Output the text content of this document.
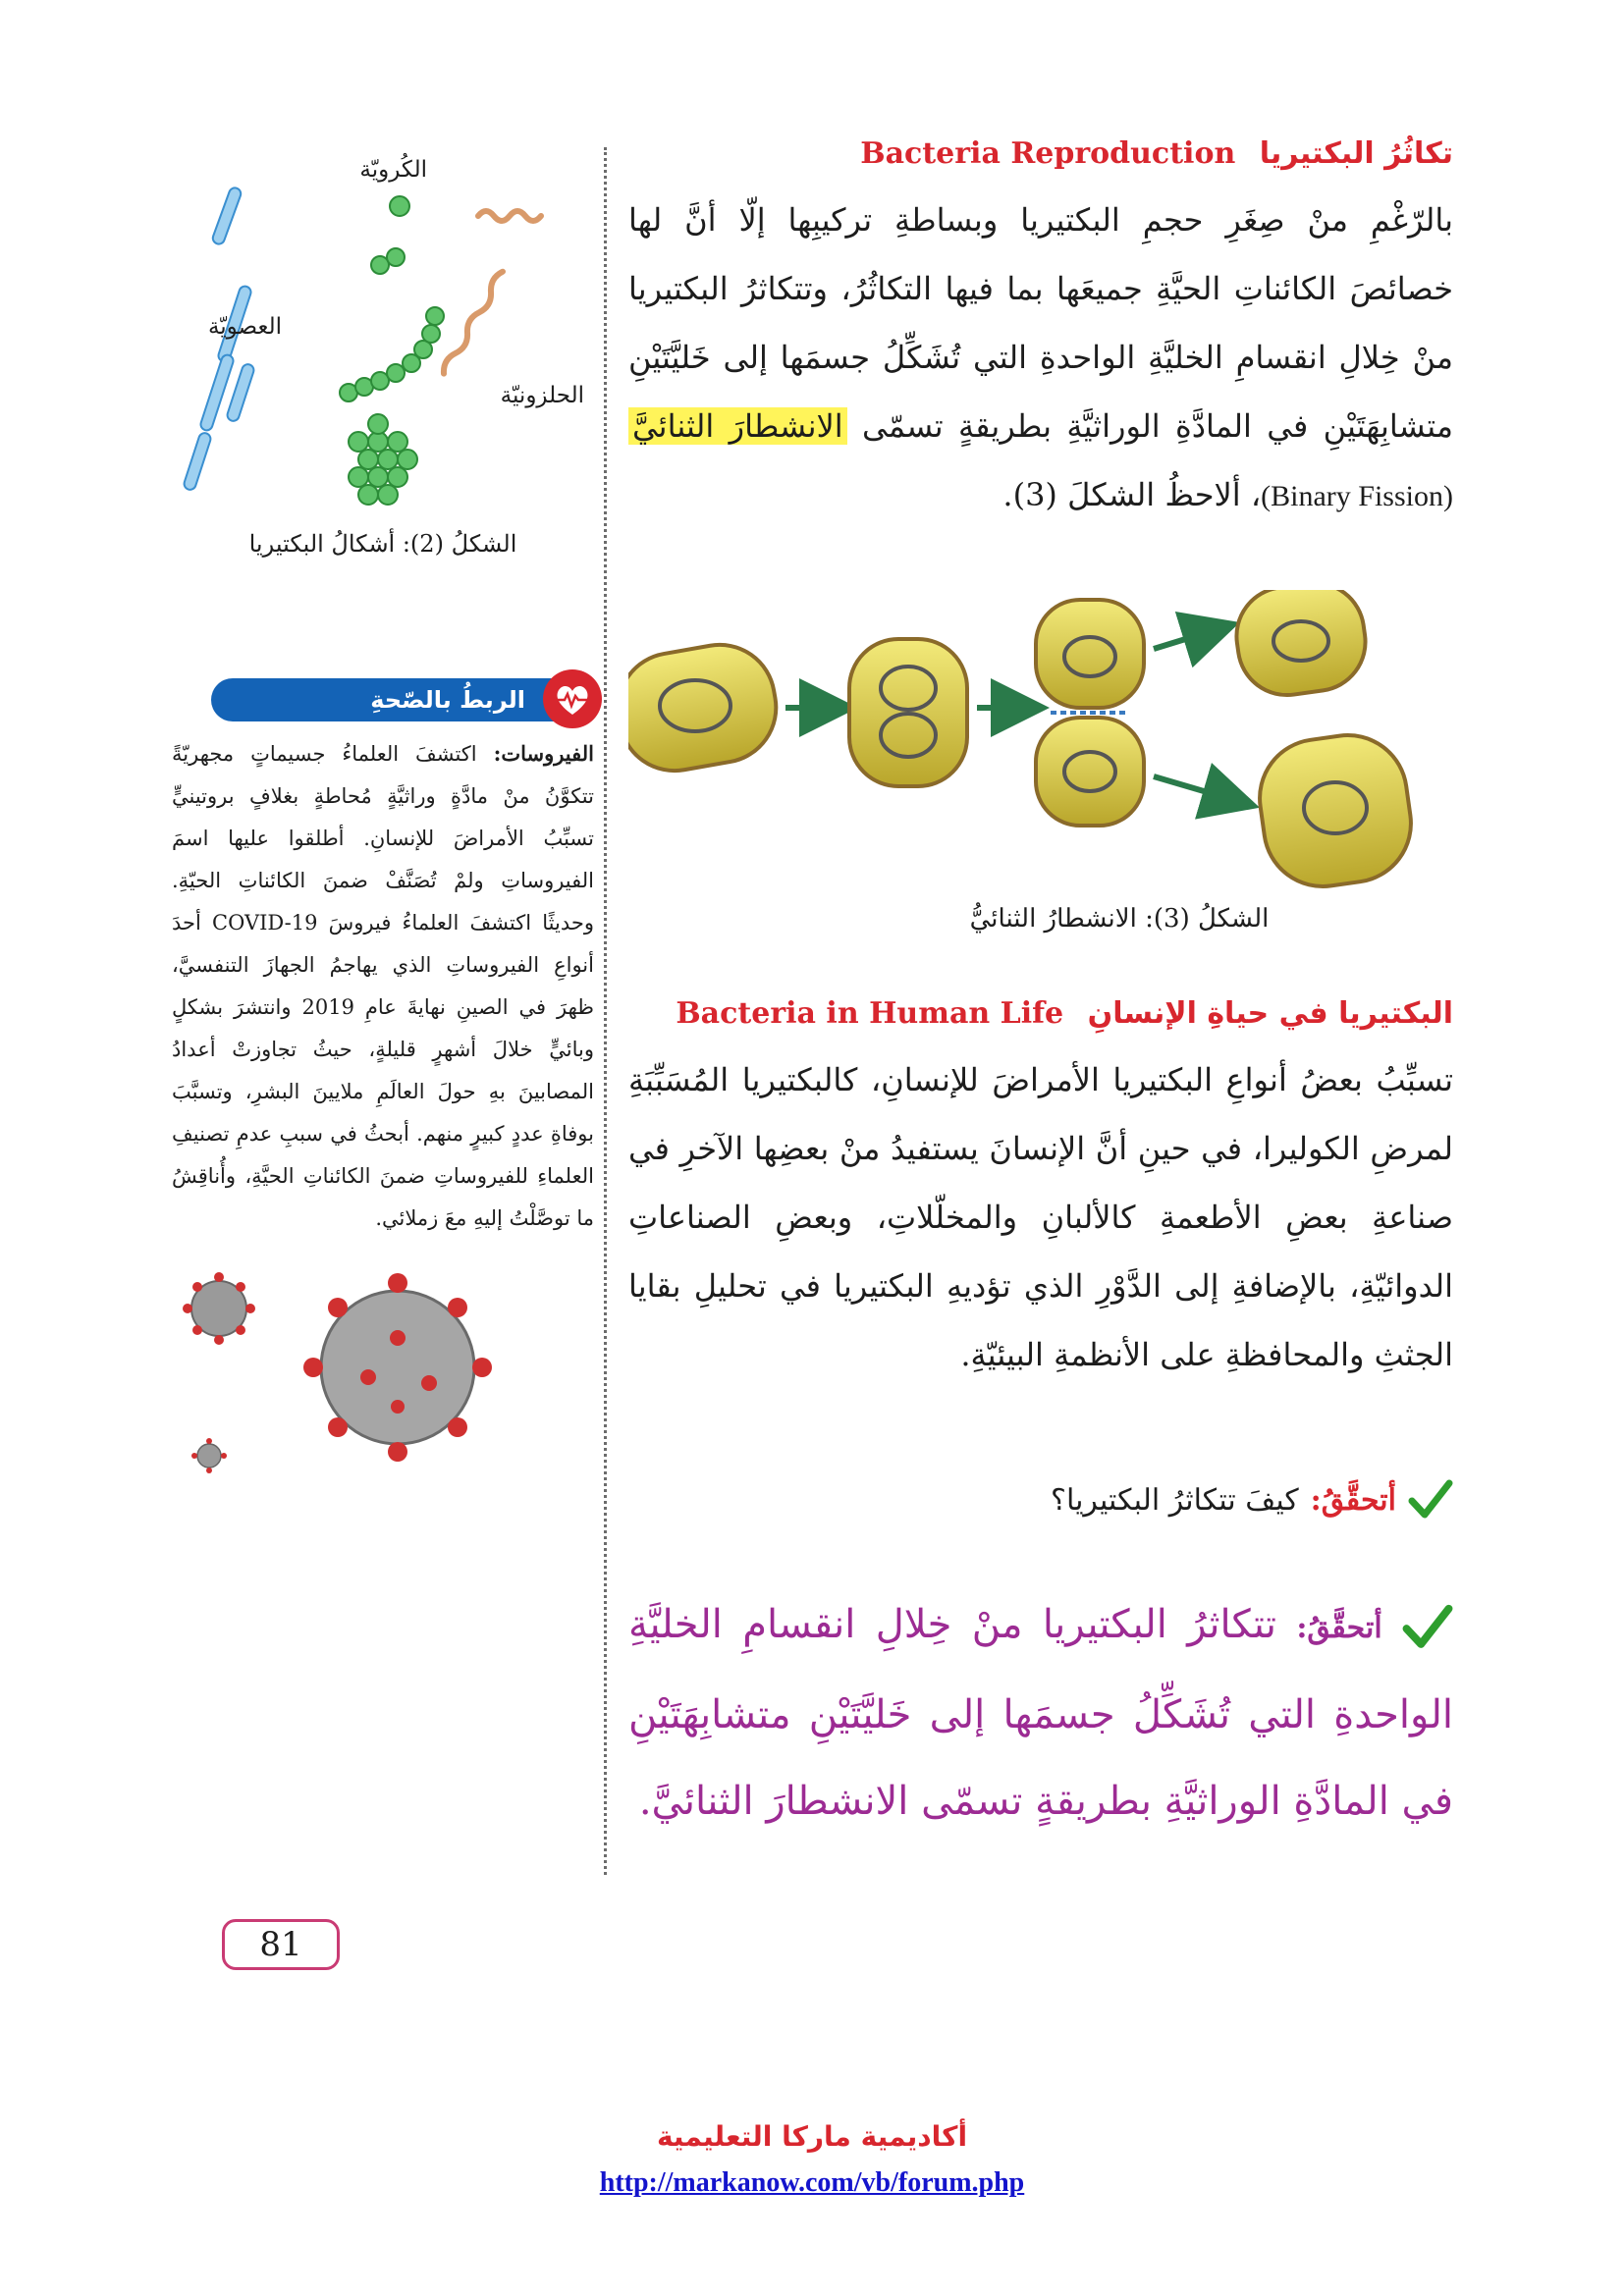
الكُرويّة
العصويّة
الحلزونيّة
الشكلُ (2): أشكالُ البكتيريا
الربطُ بالصّحةِ

الفيروسات: اكتشفَ العلماءُ جسيماتٍ مجهريّةً تتكوَّنُ منْ مادَّةٍ وراثيَّةٍ مُحاطةٍ بغلافٍ بروتينيٍّ تسبِّبُ الأمراضَ للإنسانِ. أطلقوا عليها اسمَ الفيروساتِ ولمْ تُصَنَّفْ ضمنَ الكائناتِ الحيّةِ. وحديثًا اكتشفَ العلماءُ فيروسَ COVID-19 أحدَ أنواعِ الفيروساتِ الذي يهاجمُ الجهازَ التنفسيَّ، ظهرَ في الصينِ نهايةَ عامِ 2019 وانتشرَ بشكلٍ وبائيٍّ خلالَ أشهرٍ قليلةٍ، حيثُ تجاوزتْ أعدادُ المصابينَ بهِ حولَ العالَمِ ملايينَ البشرِ، وتسبَّبَ بوفاةِ عددٍ كبيرٍ منهم. أبحثُ في سببِ عدمِ تصنيفِ العلماءِ للفيروساتِ ضمنَ الكائناتِ الحيَّةِ، وأُناقِشُ ما توصَّلْتُ إليهِ معَ زملائي.

تكاثُرُ البكتيريا Bacteria Reproduction

بالرّغْمِ منْ صِغَرِ حجمِ البكتيريا وبساطةِ تركيبِها إلّا أنَّ لها خصائصَ الكائناتِ الحيَّةِ جميعَها بما فيها التكاثُرُ، وتتكاثرُ البكتيريا منْ خِلالِ انقسامِ الخليَّةِ الواحدةِ التي تُشَكِّلُ جسمَها إلى خَليَّتَيْنِ متشابِهَتَيْنِ في المادَّةِ الوراثيَّةِ بطريقةٍ تسمّى الانشطارَ الثنائيَّ (Binary Fission)، ألاحظُ الشكلَ (3).

الشكلُ (3): الانشطارُ الثنائيُّ
البكتيريا في حياةِ الإنسانِ Bacteria in Human Life

تسبِّبُ بعضُ أنواعِ البكتيريا الأمراضَ للإنسانِ، كالبكتيريا المُسَبِّبَةِ لمرضِ الكوليرا، في حينِ أنَّ الإنسانَ يستفيدُ منْ بعضِها الآخرِ في صناعةِ بعضِ الأطعمةِ كالألبانِ والمخلّلاتِ، وبعضِ الصناعاتِ الدوائيّةِ، بالإضافةِ إلى الدَّوْرِ الذي تؤديهِ البكتيريا في تحليلِ بقايا الجثثِ والمحافظةِ على الأنظمةِ البيئيّةِ.

أتحقَّقُ:
كيفَ تتكاثرُ البكتيريا؟
أتحقَّقُ: تتكاثرُ البكتيريا منْ خِلالِ انقسامِ الخليَّةِ الواحدةِ التي تُشَكِّلُ جسمَها إلى خَليَّتَيْنِ متشابِهَتَيْنِ في المادَّةِ الوراثيَّةِ بطريقةٍ تسمّى الانشطارَ الثنائيَّ.
81
أكاديمية ماركا التعليمية
http://markanow.com/vb/forum.php
